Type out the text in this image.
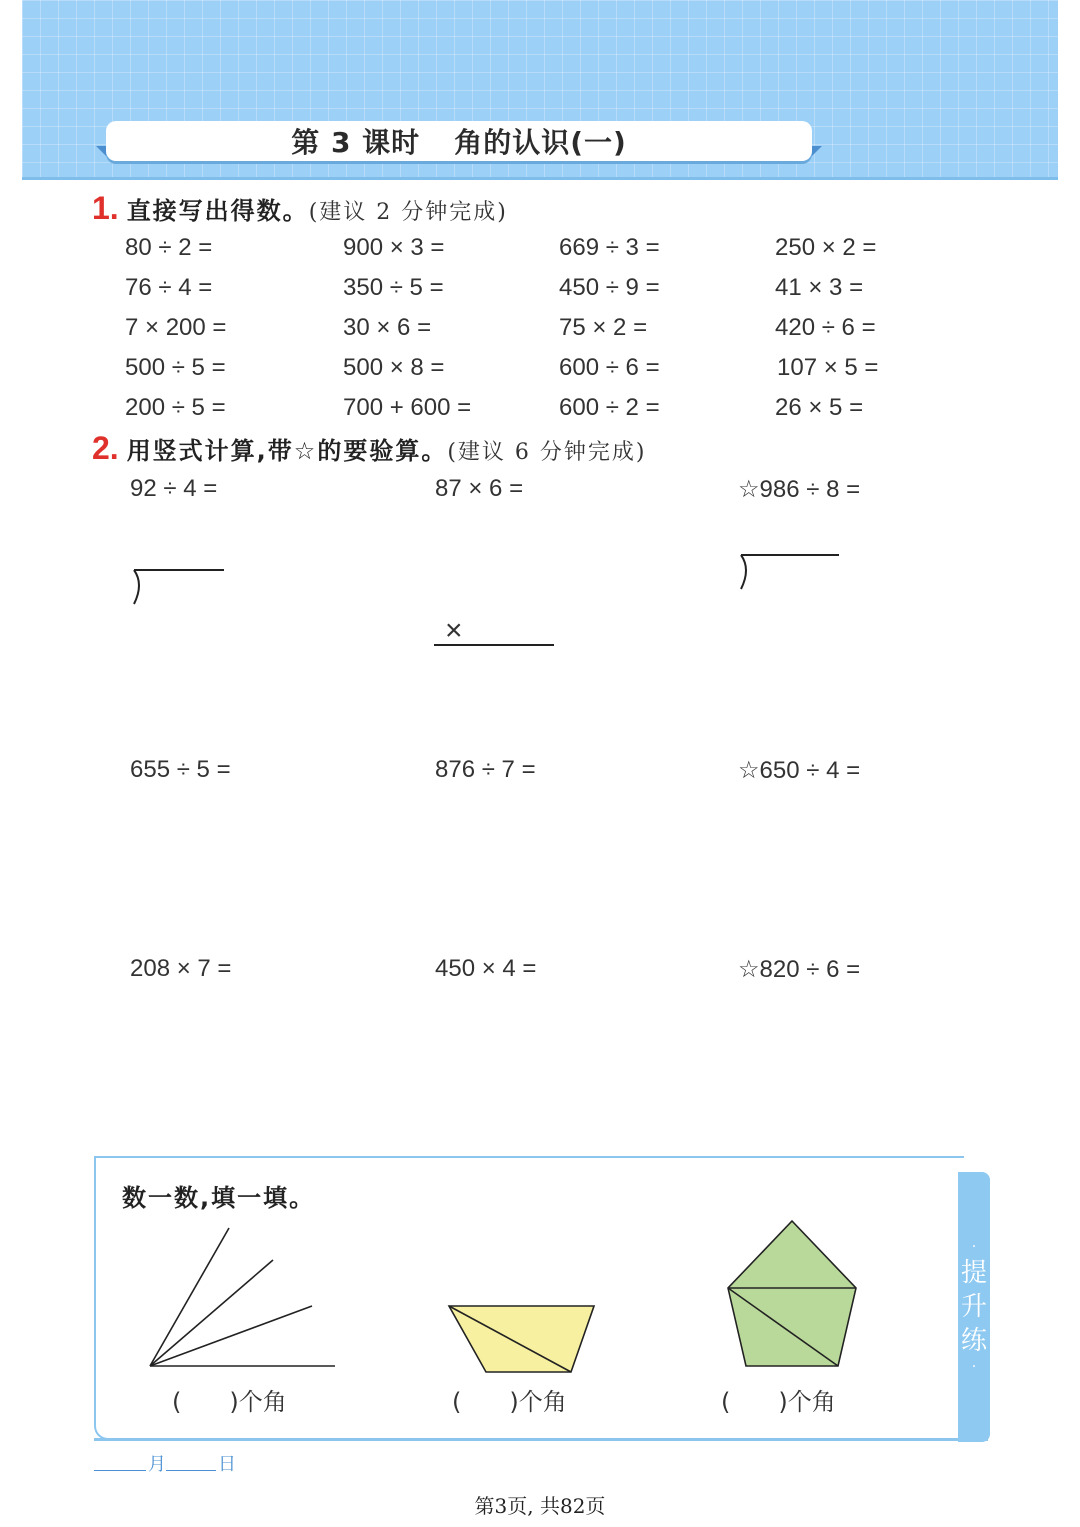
第 3 课时 角的认识(一)
1. 直接写出得数。 (建议 2 分钟完成)
80 ÷ 2 =	900 × 3 =	669 ÷ 3 =	250 × 2 =
76 ÷ 4 =	350 ÷ 5 =	450 ÷ 9 =	41 × 3 =
7 × 200 =	30 × 6 =	75 × 2 =	420 ÷ 6 =
500 ÷ 5 =	500 × 8 =	600 ÷ 6 =	107 × 5 =
200 ÷ 5 =	700 + 600 =	600 ÷ 2 =	26 × 5 =
2. 用竖式计算,带☆的要验算。 (建议 6 分钟完成)
92 ÷ 4 =	87 × 6 =	☆986 ÷ 8 =
×
655 ÷ 5 =	876 ÷ 7 =	☆650 ÷ 4 =
208 × 7 =	450 × 4 =	☆820 ÷ 6 =
·
提
升
练
·
数一数,填一填。
(　　)个角	(　　)个角	(　　)个角
月	日
第3页, 共82页
